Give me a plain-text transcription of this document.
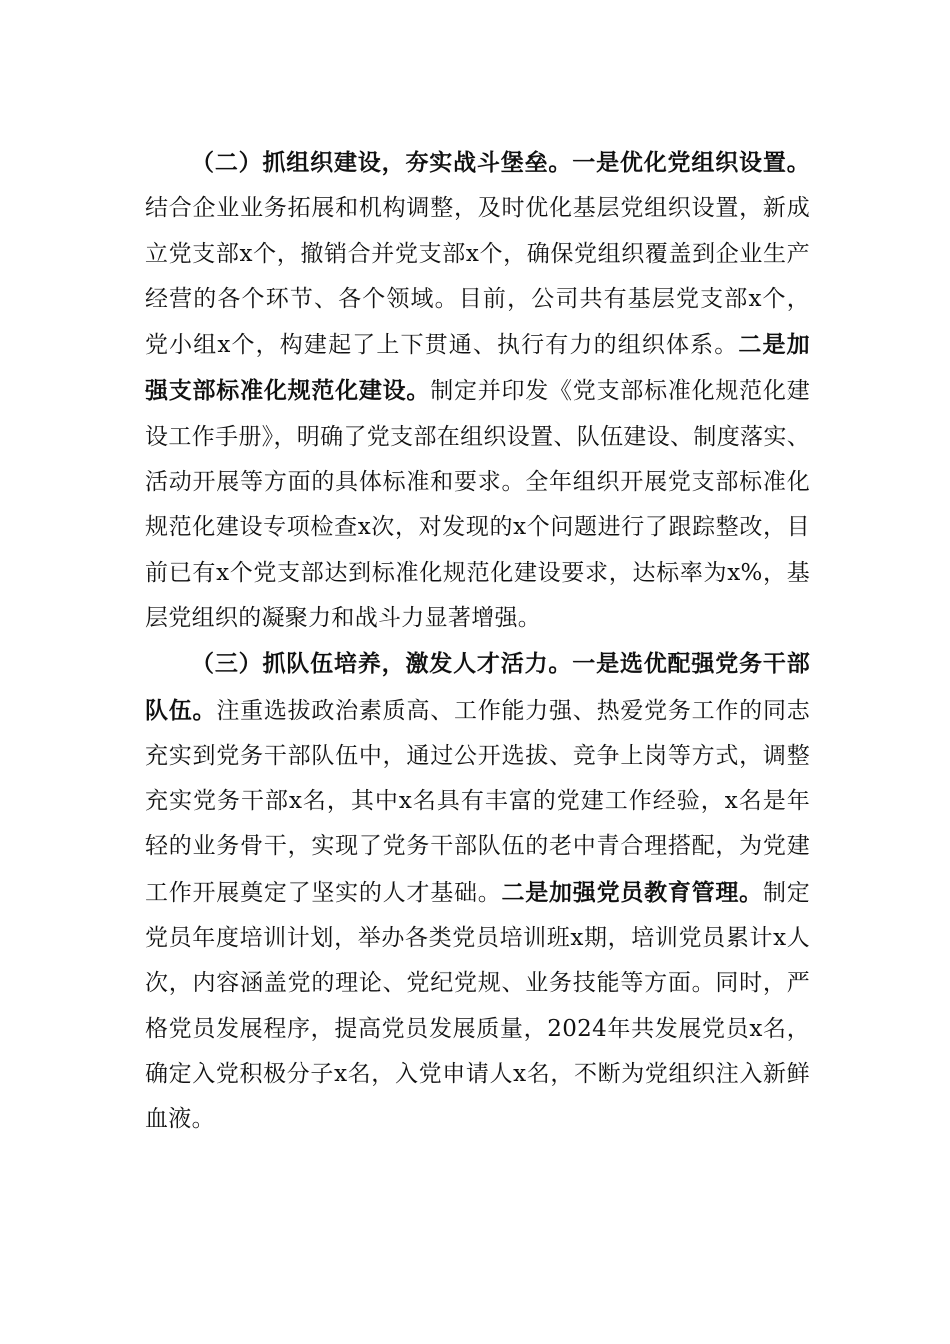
（二）抓组织建设，夯实战斗堡垒。一是优化党组织设置。结合企业业务拓展和机构调整，及时优化基层党组织设置，新成立党支部x个，撤销合并党支部x个，确保党组织覆盖到企业生产经营的各个环节、各个领域。目前，公司共有基层党支部x个，党小组x个，构建起了上下贯通、执行有力的组织体系。二是加强支部标准化规范化建设。制定并印发《党支部标准化规范化建设工作手册》，明确了党支部在组织设置、队伍建设、制度落实、活动开展等方面的具体标准和要求。全年组织开展党支部标准化规范化建设专项检查x次，对发现的x个问题进行了跟踪整改，目前已有x个党支部达到标准化规范化建设要求，达标率为x%，基层党组织的凝聚力和战斗力显著增强。

（三）抓队伍培养，激发人才活力。一是选优配强党务干部队伍。注重选拔政治素质高、工作能力强、热爱党务工作的同志充实到党务干部队伍中，通过公开选拔、竞争上岗等方式，调整充实党务干部x名，其中x名具有丰富的党建工作经验，x名是年轻的业务骨干，实现了党务干部队伍的老中青合理搭配，为党建工作开展奠定了坚实的人才基础。二是加强党员教育管理。制定党员年度培训计划，举办各类党员培训班x期，培训党员累计x人次，内容涵盖党的理论、党纪党规、业务技能等方面。同时，严格党员发展程序，提高党员发展质量，2024年共发展党员x名，确定入党积极分子x名，入党申请人x名，不断为党组织注入新鲜血液。
